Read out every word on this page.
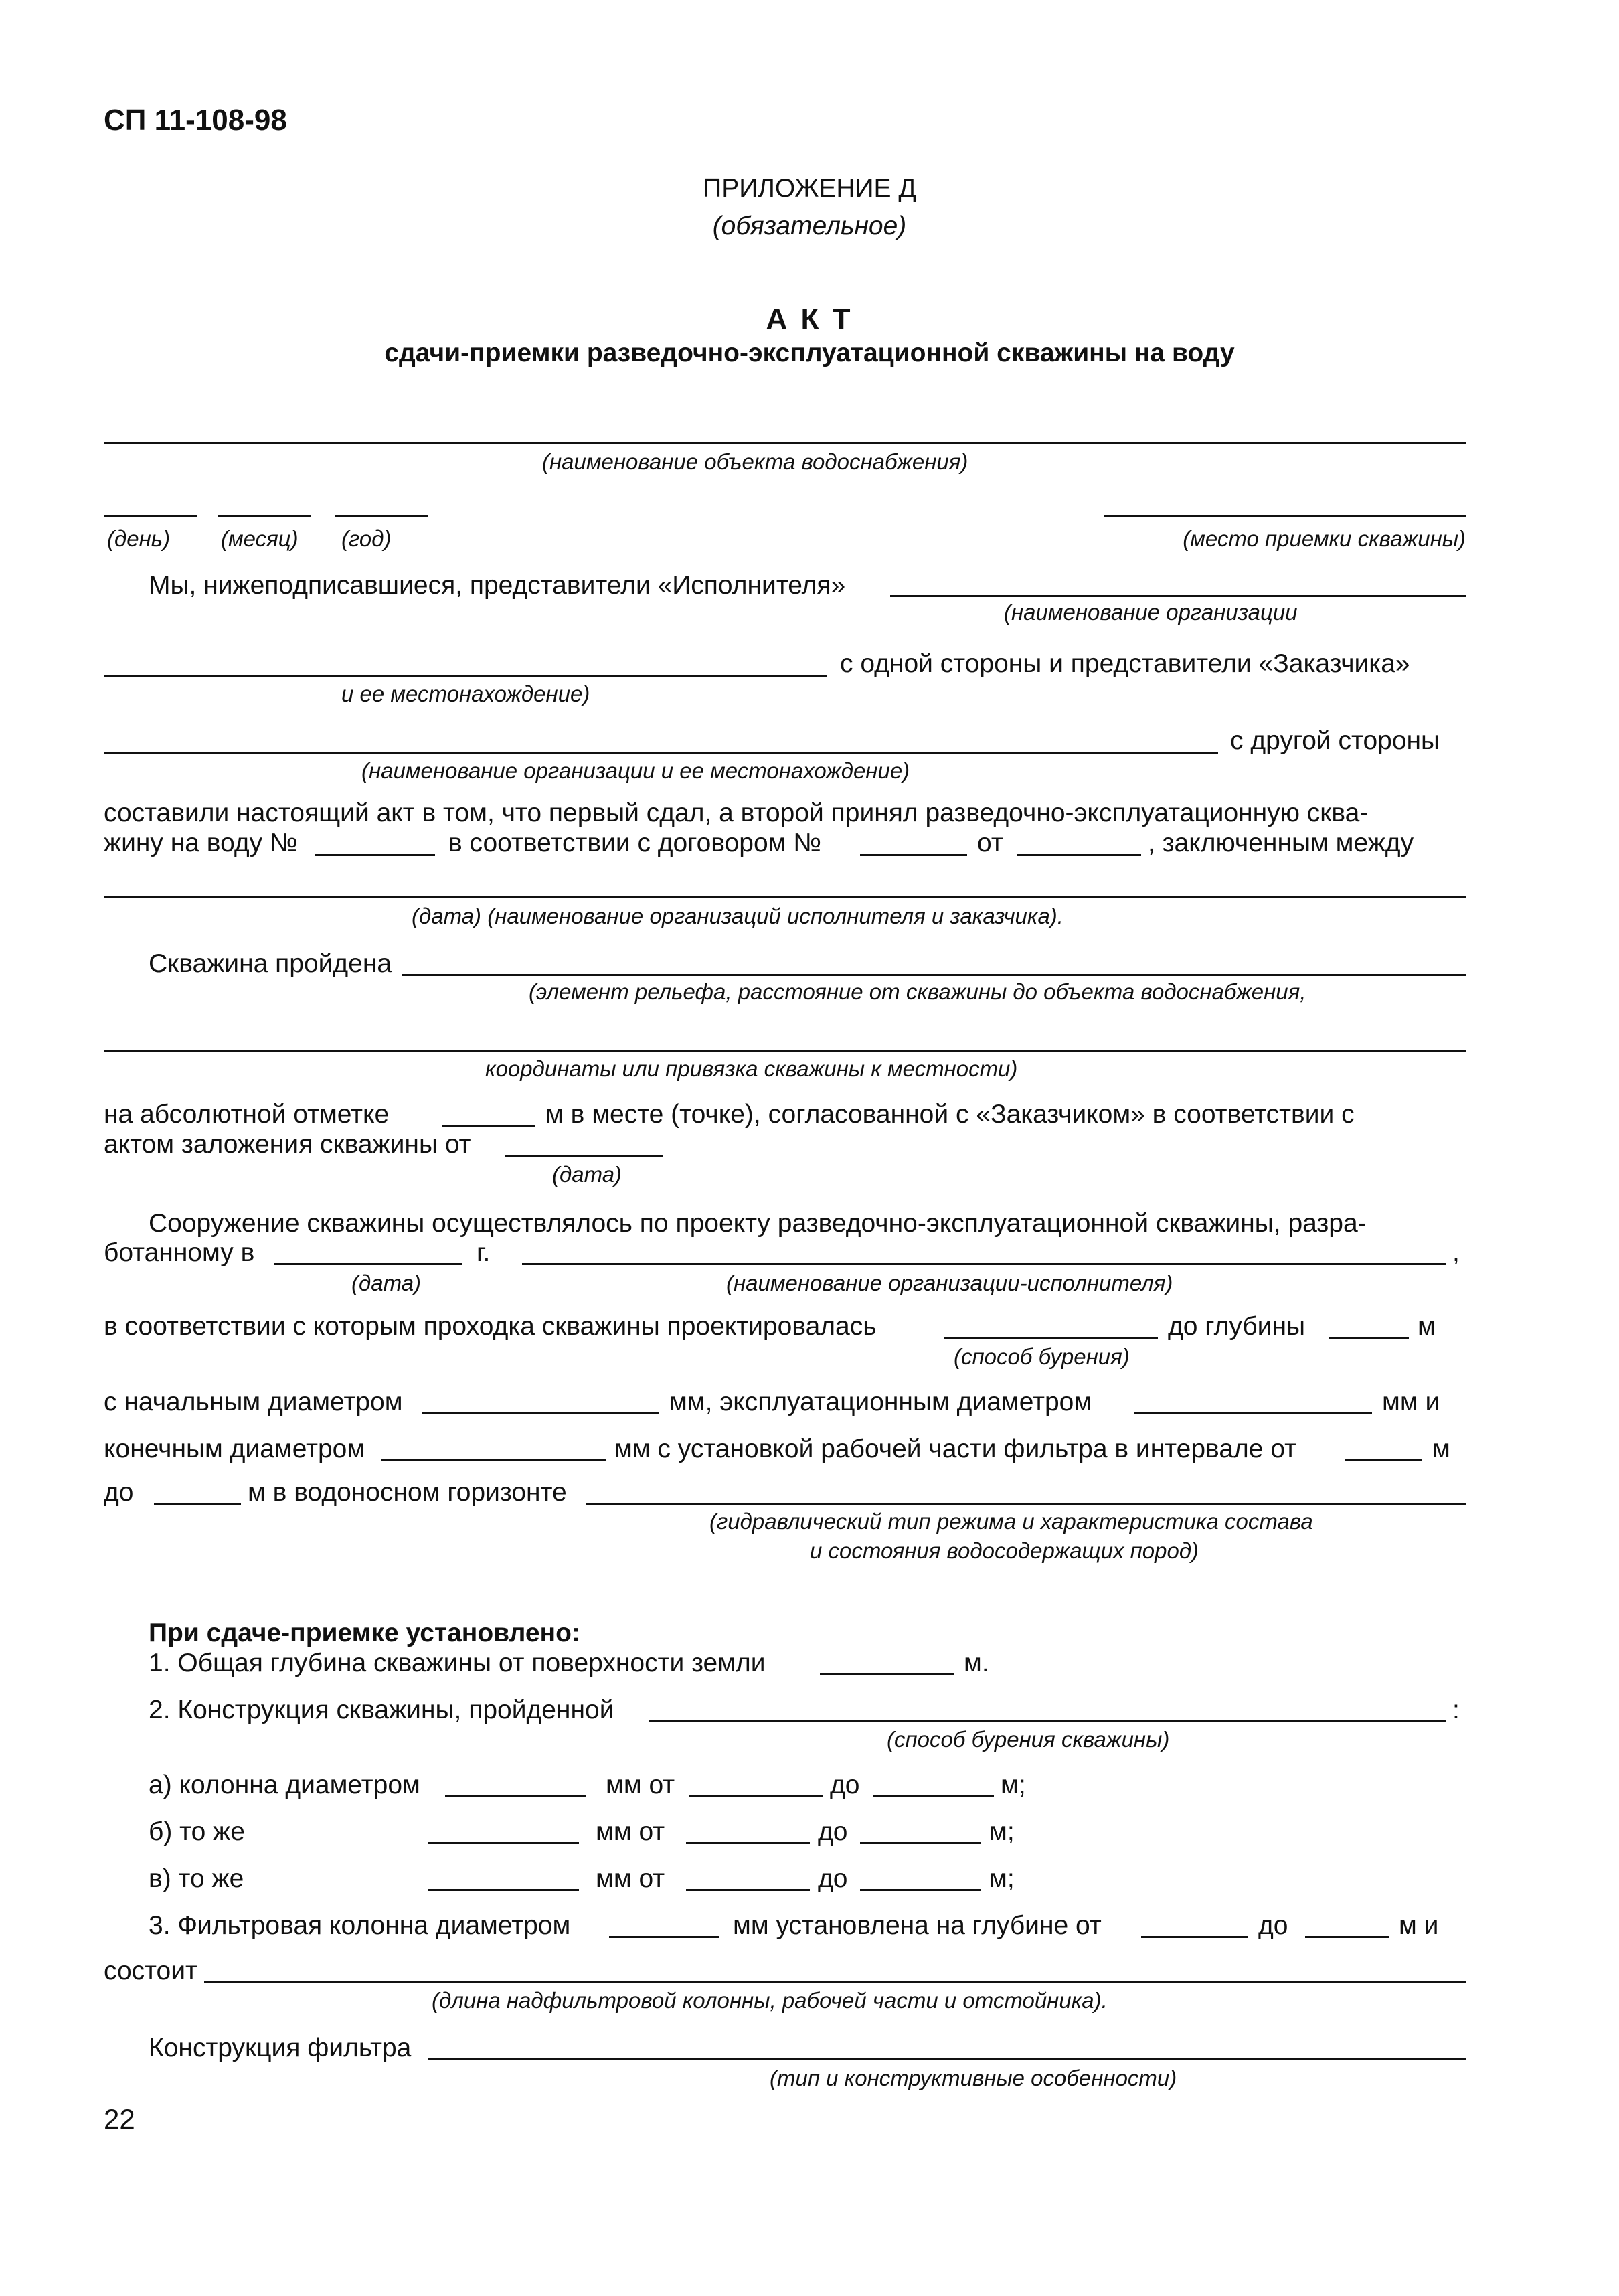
СП 11-108-98
ПРИЛОЖЕНИЕ Д
(обязательное)
А К Т
сдачи-приемки разведочно-эксплуатационной скважины на воду
(наименование объекта водоснабжения)
(день) (месяц) (год)	(место приемки скважины)
Мы, нижеподписавшиеся, представители «Исполнителя»
(наименование организации
с одной стороны и представители «Заказчика»
и ее местонахождение)
с другой стороны
(наименование организации и ее местонахождение)
составили настоящий акт в том, что первый сдал, а второй принял разведочно-эксплуатационную сква-
жину на воду №	в соответствии с договором №	от	, заключенным между
(дата) (наименование организаций исполнителя и заказчика).
Скважина пройдена
(элемент рельефа, расстояние от скважины до объекта водоснабжения,
координаты или привязка скважины к местности)
на абсолютной отметке	м в месте (точке), согласованной с «Заказчиком» в соответствии с
актом заложения скважины от
(дата)
Сооружение скважины осуществлялось по проекту разведочно-эксплуатационной скважины, разра-
ботанному в	г.	,
(дата)	(наименование организации-исполнителя)
в соответствии с которым проходка скважины проектировалась	до глубины	м
(способ бурения)
с начальным диаметром	мм, эксплуатационным диаметром	мм и
конечным диаметром	мм с установкой рабочей части фильтра в интервале от	м
до	м в водоносном горизонте
(гидравлический тип режима и характеристика состава
и состояния водосодержащих пород)
При сдаче-приемке установлено:
1. Общая глубина скважины от поверхности земли	м.
2. Конструкция скважины, пройденной	:
(способ бурения скважины)
а) колонна диаметром	мм от	до	м;
б) то же	мм от	до	м;
в) то же	мм от	до	м;
3. Фильтровая колонна диаметром	мм установлена на глубине от	до	м и
состоит
(длина надфильтровой колонны, рабочей части и отстойника).
Конструкция фильтра
(тип и конструктивные особенности)
22
